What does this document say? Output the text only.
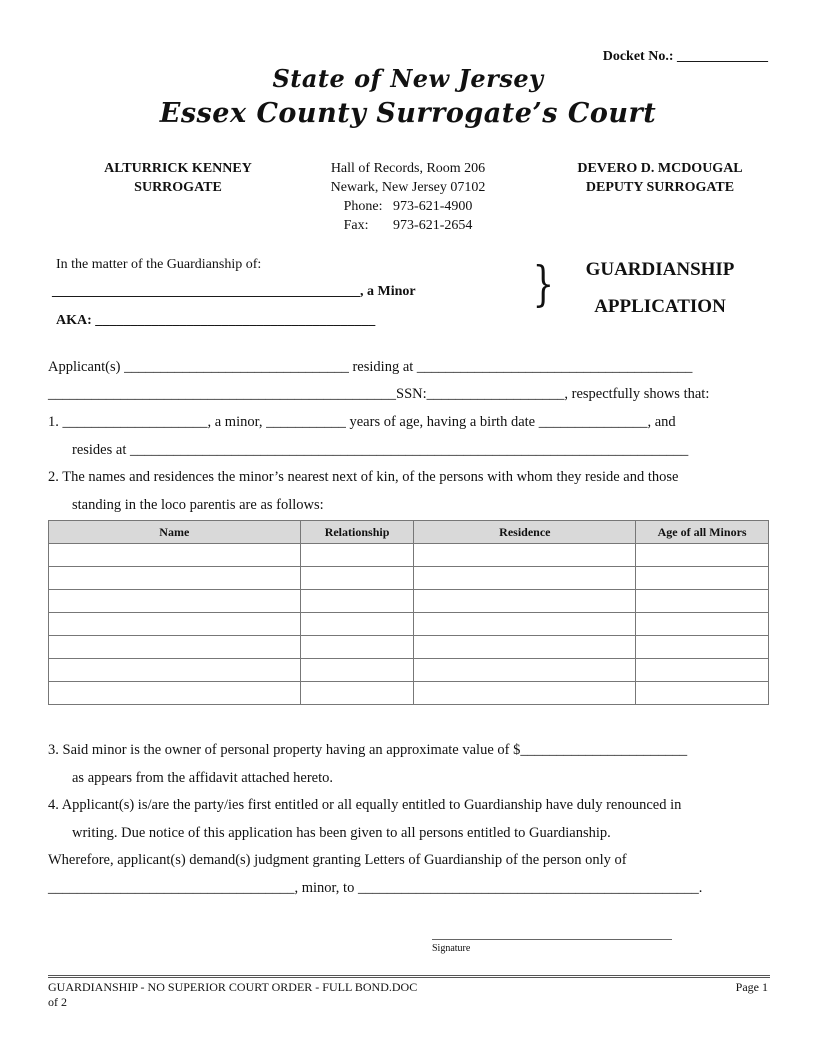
Docket No.: _____________
State of New Jersey
Essex County Surrogate’s Court
ALTURRICK KENNEY
SURROGATE
Hall of Records, Room 206
Newark, New Jersey 07102
Phone:   973-621-4900
Fax:       973-621-2654
DEVERO D. MCDOUGAL
DEPUTY SURROGATE
In the matter of the Guardianship of:
____________________________________________, a Minor
AKA: ________________________________________
}	GUARDIANSHIP
APPLICATION
Applicant(s) _______________________________ residing at ______________________________________
________________________________________________SSN:___________________, respectfully shows that:
1. ____________________, a minor, ___________ years of age, having a birth date _______________, and
resides at _____________________________________________________________________________
2. The names and residences the minor’s nearest next of kin, of the persons with whom they reside and those
standing in the loco parentis are as follows:
Name	Relationship	Residence	Age of all Minors

3. Said minor is the owner of personal property having an approximate value of $_______________________
as appears from the affidavit attached hereto.
4. Applicant(s) is/are the party/ies first entitled or all equally entitled to Guardianship have duly renounced in
writing. Due notice of this application has been given to all persons entitled to Guardianship.
Wherefore, applicant(s) demand(s) judgment granting Letters of Guardianship of the person only of
__________________________________, minor, to _______________________________________________.
Signature
GUARDIANSHIP - NO SUPERIOR COURT ORDER - FULL BOND.DOC
of 2
Page 1
